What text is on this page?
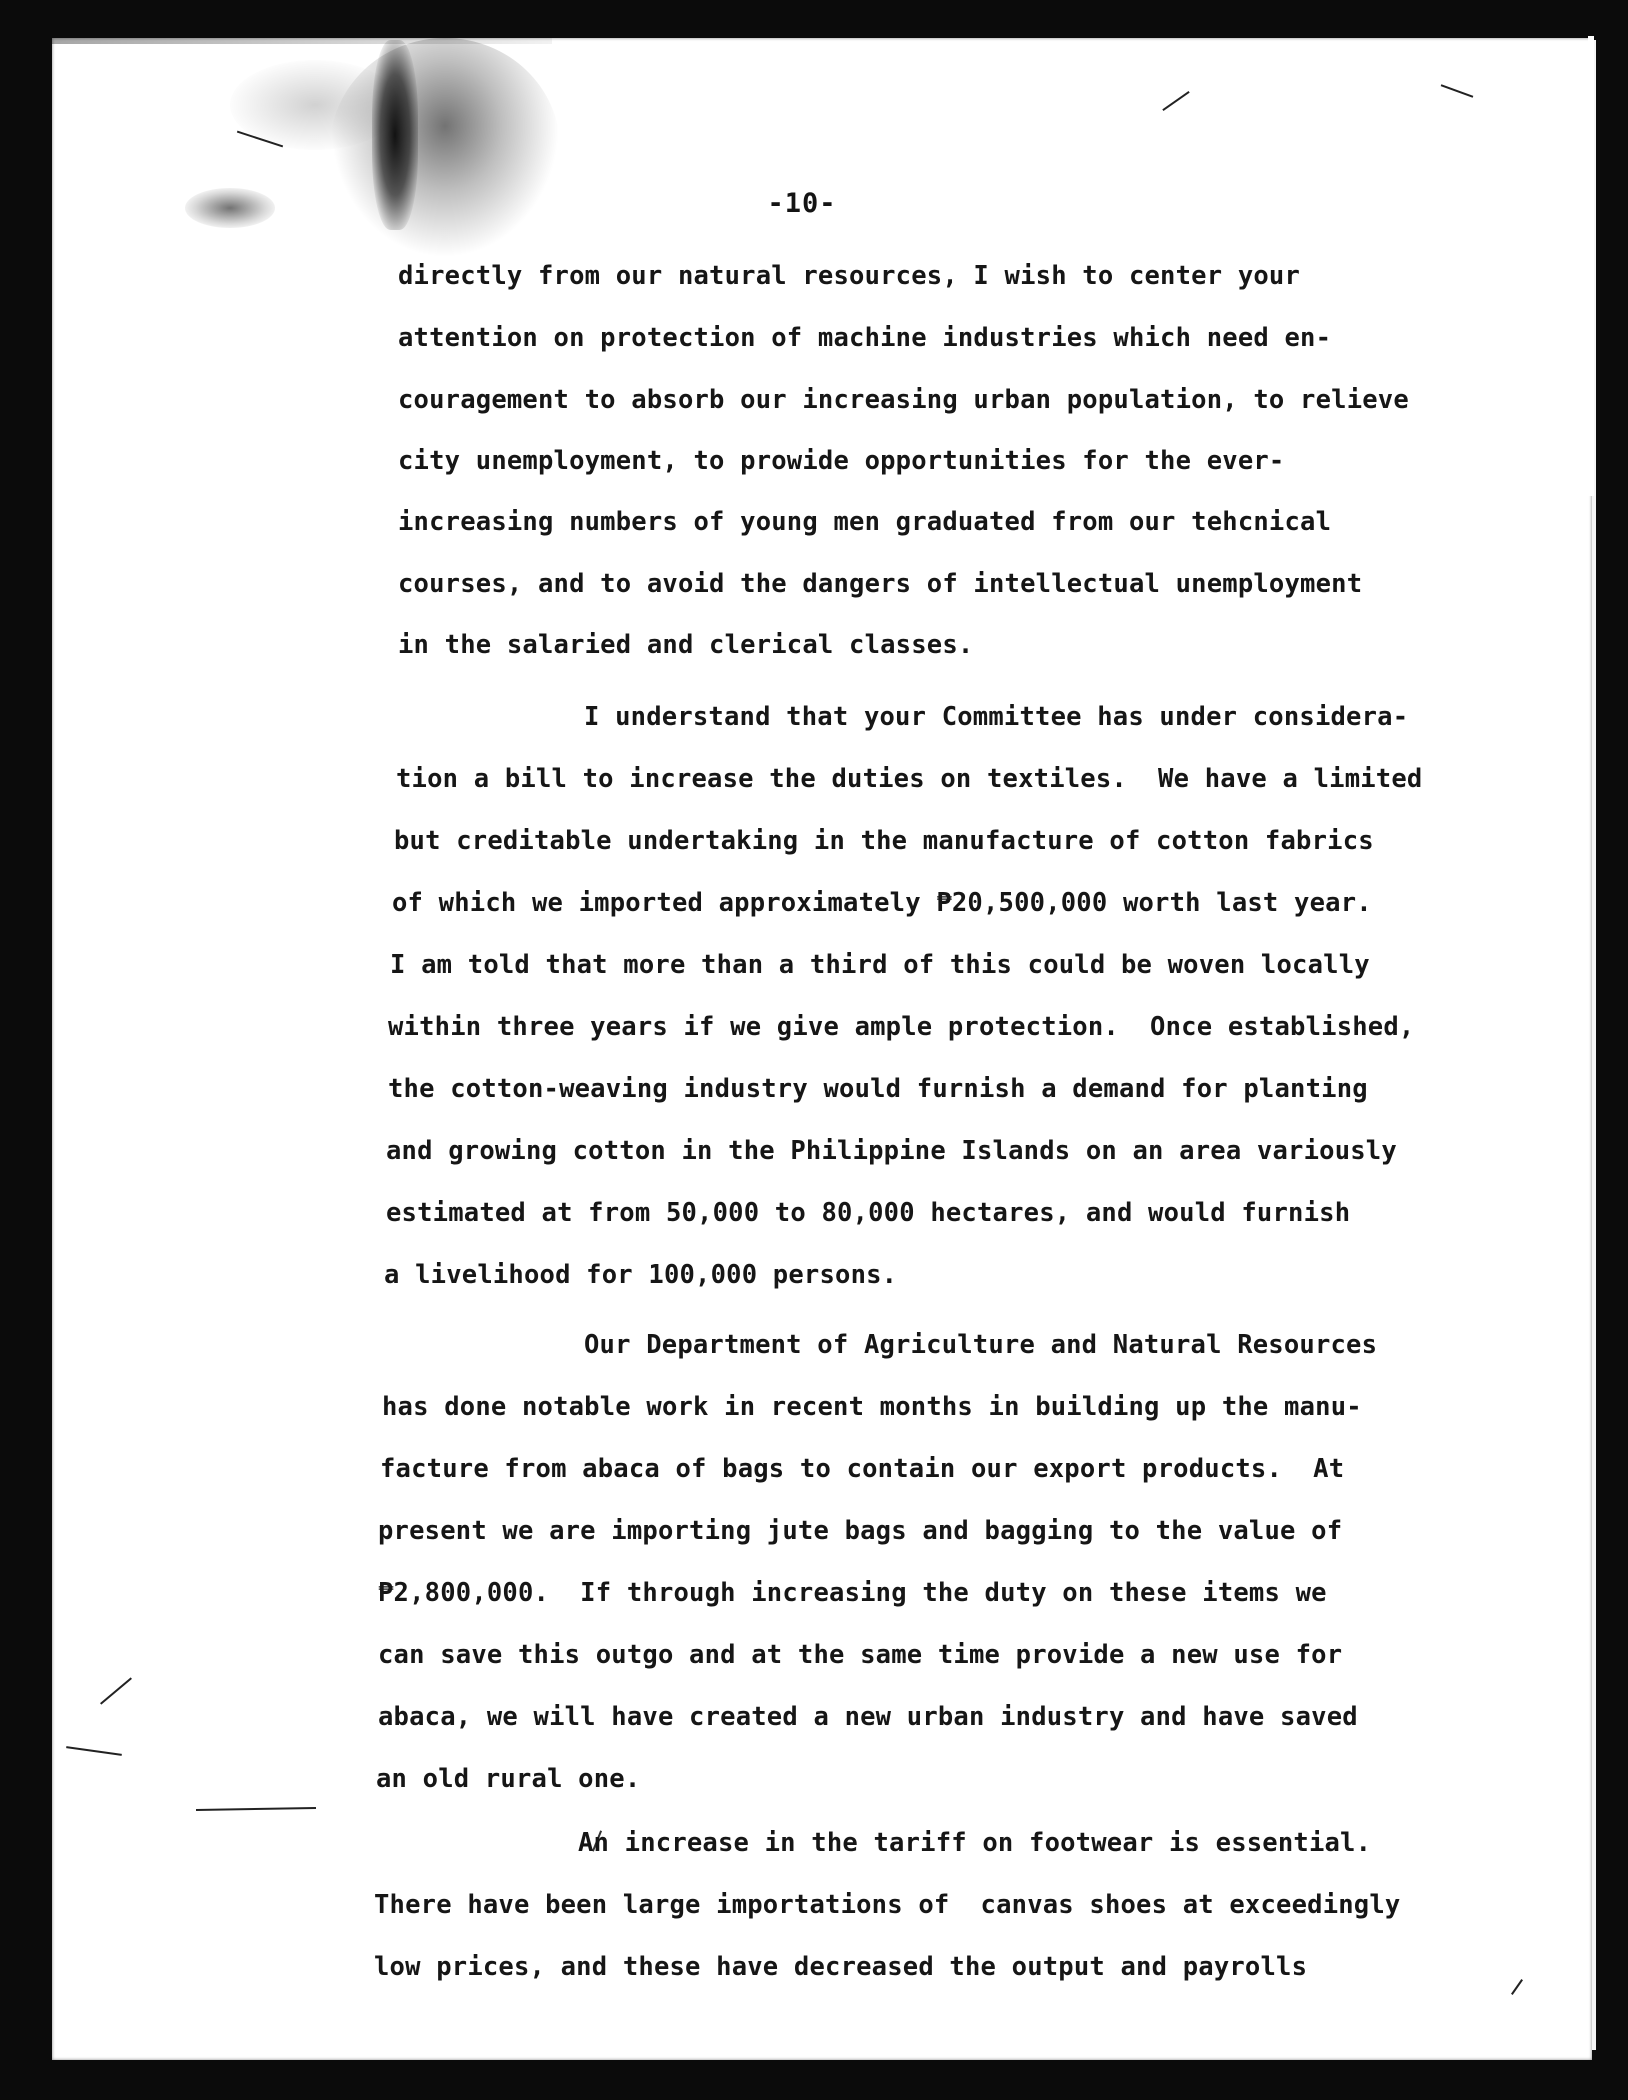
-10-
directly from our natural resources, I wish to center your
attention on protection of machine industries which need en-
couragement to absorb our increasing urban population, to relieve
city unemployment, to prowide opportunities for the ever-
increasing numbers of young men graduated from our tehcnical
courses, and to avoid the dangers of intellectual unemployment
in the salaried and clerical classes.
I understand that your Committee has under considera-
tion a bill to increase the duties on textiles.  We have a limited
but creditable undertaking in the manufacture of cotton fabrics
of which we imported approximately ₱20,500,000 worth last year.
I am told that more than a third of this could be woven locally
within three years if we give ample protection.  Once established,
the cotton-weaving industry would furnish a demand for planting
and growing cotton in the Philippine Islands on an area variously
estimated at from 50,000 to 80,000 hectares, and would furnish
a livelihood for 100,000 persons.
Our Department of Agriculture and Natural Resources
has done notable work in recent months in building up the manu-
facture from abaca of bags to contain our export products.  At
present we are importing jute bags and bagging to the value of
₱2,800,000.  If through increasing the duty on these items we
can save this outgo and at the same time provide a new use for
abaca, we will have created a new urban industry and have saved
an old rural one.
An increase in the tariff on footwear is essential.
There have been large importations of  canvas shoes at exceedingly
low prices, and these have decreased the output and payrolls
